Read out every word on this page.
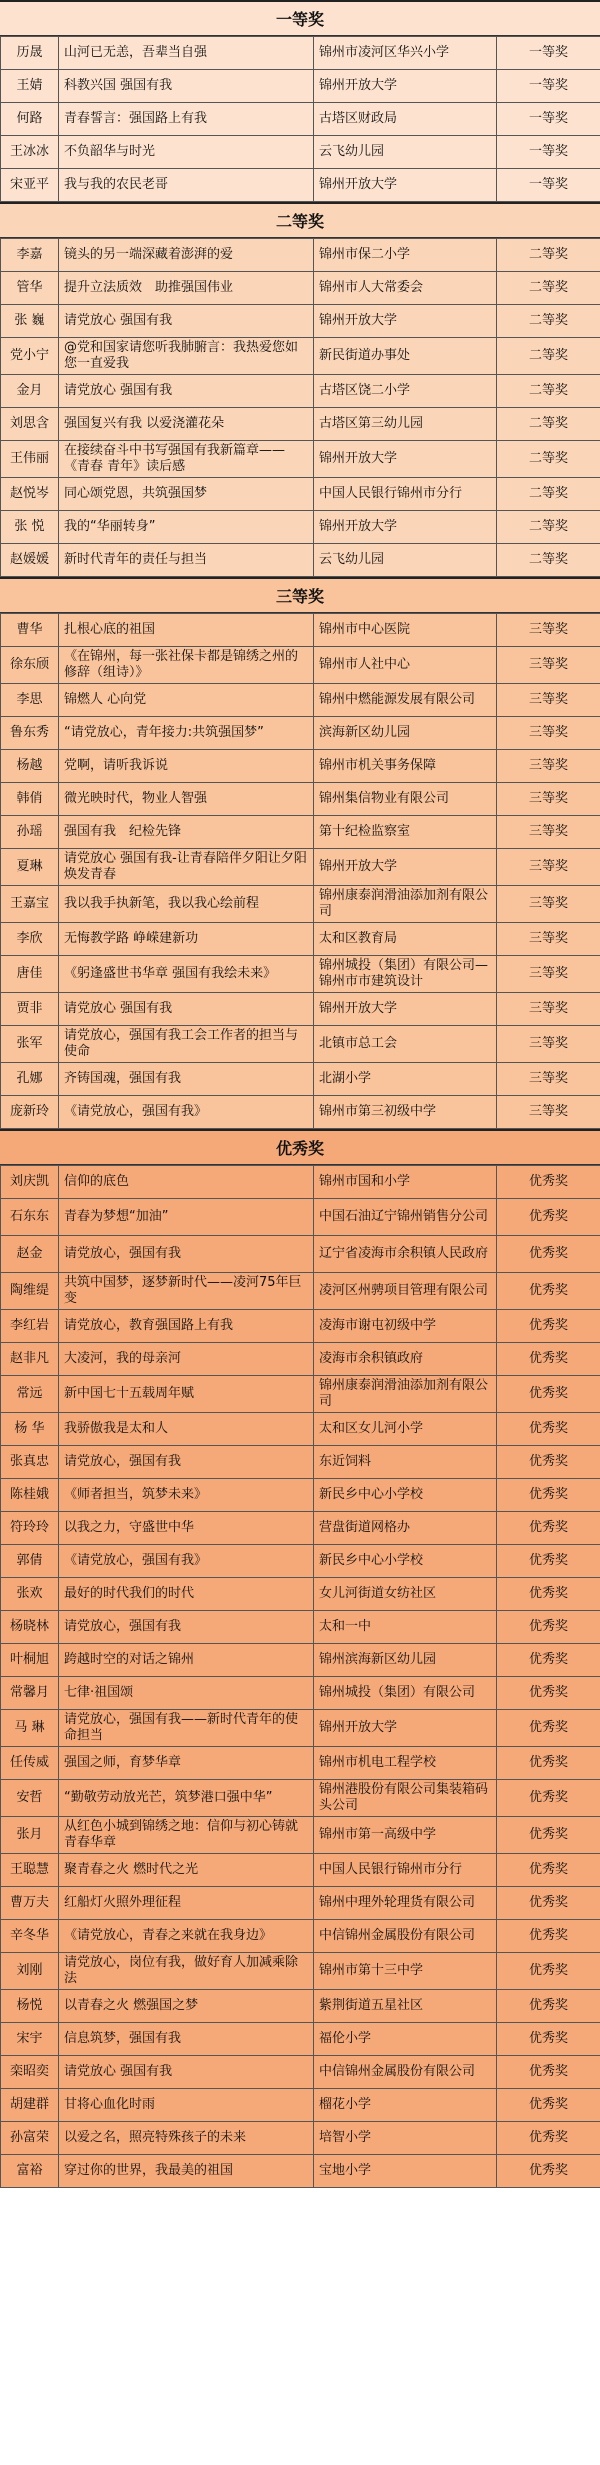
一等奖
历晟	山河已无恙，吾辈当自强	锦州市凌河区华兴小学	一等奖
王婧	科教兴国 强国有我	锦州开放大学	一等奖
何路	青春誓言：强国路上有我	古塔区财政局	一等奖
王冰冰	不负韶华与时光	云飞幼儿园	一等奖
宋亚平	我与我的农民老哥	锦州开放大学	一等奖
二等奖
李嘉	镜头的另一端深藏着澎湃的爱	锦州市保二小学	二等奖
管华	提升立法质效　助推强国伟业	锦州市人大常委会	二等奖
张 巍	请党放心 强国有我	锦州开放大学	二等奖
党小宁	@党和国家请您听我肺腑言：我热爱您如您一直爱我	新民街道办事处	二等奖
金月	请党放心 强国有我	古塔区饶二小学	二等奖
刘思含	强国复兴有我 以爱浇灌花朵	古塔区第三幼儿园	二等奖
王伟丽	在接续奋斗中书写强国有我新篇章——《青春 青年》读后感	锦州开放大学	二等奖
赵悦岑	同心颂党恩，共筑强国梦	中国人民银行锦州市分行	二等奖
张 悦	我的“华丽转身”	锦州开放大学	二等奖
赵媛媛	新时代青年的责任与担当	云飞幼儿园	二等奖
三等奖
曹华	扎根心底的祖国	锦州市中心医院	三等奖
徐东颀	《在锦州，每一张社保卡都是锦绣之州的修辞（组诗）》	锦州市人社中心	三等奖
李思	锦燃人 心向党	锦州中燃能源发展有限公司	三等奖
鲁东秀	“请党放心，青年接力:共筑强国梦”	滨海新区幼儿园	三等奖
杨越	党啊，请听我诉说	锦州市机关事务保障	三等奖
韩俏	微光映时代，物业人智强	锦州集信物业有限公司	三等奖
孙瑶	强国有我　纪检先锋	第十纪检监察室	三等奖
夏琳	请党放心 强国有我-让青春陪伴夕阳让夕阳焕发青春	锦州开放大学	三等奖
王嘉宝	我以我手执新笔，我以我心绘前程	锦州康泰润滑油添加剂有限公司	三等奖
李欣	无悔教学路 峥嵘建新功	太和区教育局	三等奖
唐佳	《躬逢盛世书华章 强国有我绘未来》	锦州城投（集团）有限公司—锦州市市建筑设计	三等奖
贾非	请党放心 强国有我	锦州开放大学	三等奖
张军	请党放心，强国有我工会工作者的担当与使命	北镇市总工会	三等奖
孔娜	齐铸国魂，强国有我	北湖小学	三等奖
庞新玲	《请党放心，强国有我》	锦州市第三初级中学	三等奖
优秀奖
刘庆凯	信仰的底色	锦州市国和小学	优秀奖
石东东	青春为梦想“加油”	中国石油辽宁锦州销售分公司	优秀奖
赵金	请党放心，强国有我	辽宁省凌海市余积镇人民政府	优秀奖
陶维缇	共筑中国梦，逐梦新时代——凌河75年巨变	凌河区州骋项目管理有限公司	优秀奖
李红岩	请党放心，教育强国路上有我	凌海市谢屯初级中学	优秀奖
赵非凡	大凌河，我的母亲河	凌海市余积镇政府	优秀奖
常远	新中国七十五载周年赋	锦州康泰润滑油添加剂有限公司	优秀奖
杨 华	我骄傲我是太和人	太和区女儿河小学	优秀奖
张真忠	请党放心，强国有我	东近饲料	优秀奖
陈桂娥	《师者担当，筑梦未来》	新民乡中心小学校	优秀奖
符玲玲	以我之力，守盛世中华	营盘街道网格办	优秀奖
郭倩	《请党放心，强国有我》	新民乡中心小学校	优秀奖
张欢	最好的时代我们的时代	女儿河街道女纺社区	优秀奖
杨晓林	请党放心，强国有我	太和一中	优秀奖
叶桐旭	跨越时空的对话之锦州	锦州滨海新区幼儿园	优秀奖
常馨月	七律·祖国颂	锦州城投（集团）有限公司	优秀奖
马 琳	请党放心，强国有我——新时代青年的使命担当	锦州开放大学	优秀奖
任传威	强国之师，育梦华章	锦州市机电工程学校	优秀奖
安哲	“勤敬劳动放光芒，筑梦港口强中华”	锦州港股份有限公司集装箱码头公司	优秀奖
张月	从红色小城到锦绣之地：信仰与初心铸就青春华章	锦州市第一高级中学	优秀奖
王聪慧	聚青春之火 燃时代之光	中国人民银行锦州市分行	优秀奖
曹万夫	红船灯火照外理征程	锦州中理外轮理货有限公司	优秀奖
辛冬华	《请党放心，青春之来就在我身边》	中信锦州金属股份有限公司	优秀奖
刘刚	请党放心，岗位有我，做好育人加减乘除法	锦州市第十三中学	优秀奖
杨悦	以青春之火 燃强国之梦	紫荆街道五星社区	优秀奖
宋宇	信息筑梦，强国有我	福伦小学	优秀奖
栾昭奕	请党放心 强国有我	中信锦州金属股份有限公司	优秀奖
胡建群	甘将心血化时雨	榴花小学	优秀奖
孙富荣	以爱之名，照亮特殊孩子的未来	培智小学	优秀奖
富裕	穿过你的世界，我最美的祖国	宝地小学	优秀奖
